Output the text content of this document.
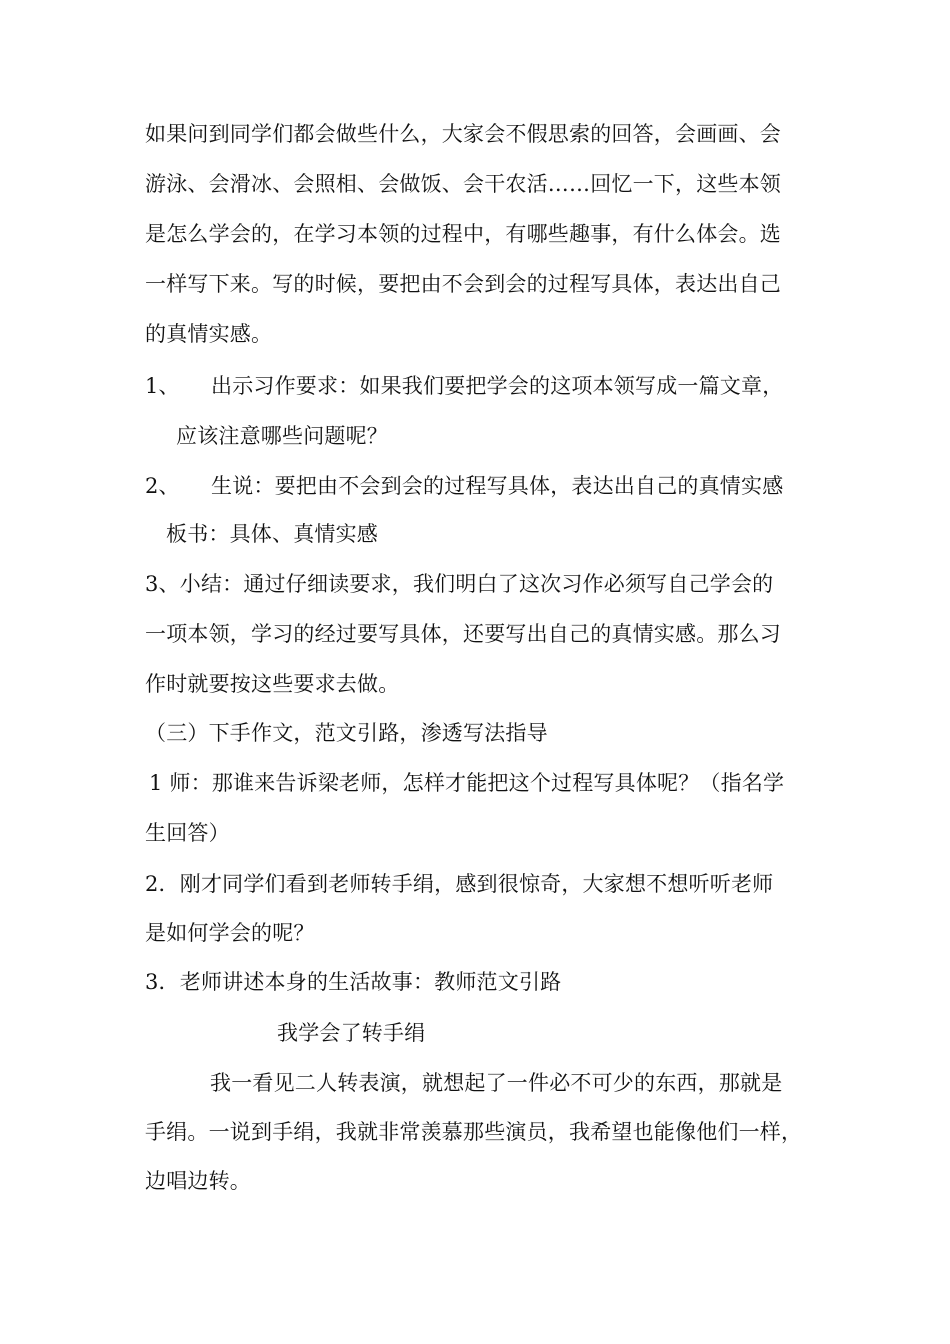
如果问到同学们都会做些什么，大家会不假思索的回答，会画画、会
游泳、会滑冰、会照相、会做饭、会干农活……回忆一下，这些本领
是怎么学会的，在学习本领的过程中，有哪些趣事，有什么体会。选
一样写下来。写的时候，要把由不会到会的过程写具体，表达出自己
的真情实感。
1、 出示习作要求：如果我们要把学会的这项本领写成一篇文章，
应该注意哪些问题呢？
2、 生说：要把由不会到会的过程写具体，表达出自己的真情实感
板书：具体、真情实感
3、小结：通过仔细读要求，我们明白了这次习作必须写自己学会的
一项本领，学习的经过要写具体，还要写出自己的真情实感。那么习
作时就要按这些要求去做。
（三）下手作文，范文引路，渗透写法指导
1 师：那谁来告诉梁老师，怎样才能把这个过程写具体呢？（指名学
生回答）
2．刚才同学们看到老师转手绢，感到很惊奇，大家想不想听听老师
是如何学会的呢？
3．老师讲述本身的生活故事：教师范文引路
我学会了转手绢
我一看见二人转表演，就想起了一件必不可少的东西，那就是
手绢。一说到手绢，我就非常羡慕那些演员，我希望也能像他们一样，
边唱边转。
